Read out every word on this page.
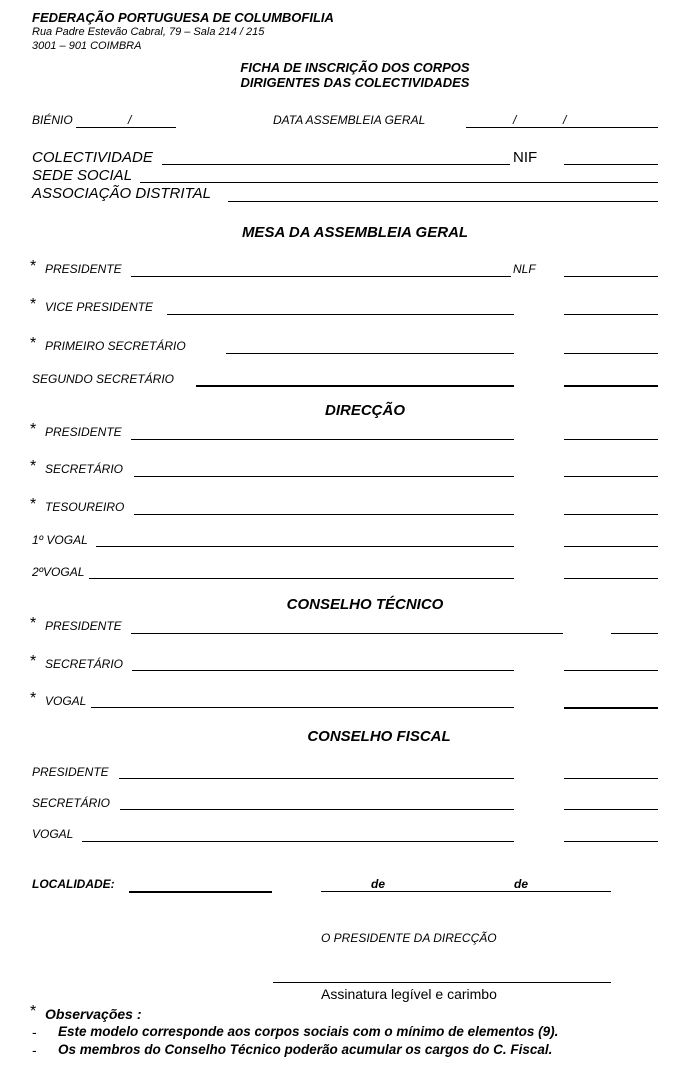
FEDERAÇÃO PORTUGUESA DE COLUMBOFILIA
Rua Padre Estevão Cabral, 79 – Sala 214 / 215
3001 – 901 COIMBRA
FICHA DE INSCRIÇÃO DOS CORPOS
DIRIGENTES DAS COLECTIVIDADES
BIÉNIO	/	DATA ASSEMBLEIA GERAL	/	/
COLECTIVIDADE	NIF
SEDE SOCIAL
ASSOCIAÇÃO DISTRITAL
MESA DA ASSEMBLEIA GERAL
* PRESIDENTE	NLF
* VICE PRESIDENTE
* PRIMEIRO SECRETÁRIO
SEGUNDO SECRETÁRIO
DIRECÇÃO
* PRESIDENTE
* SECRETÁRIO
* TESOUREIRO
1º VOGAL
2ºVOGAL
CONSELHO TÉCNICO
* PRESIDENTE
* SECRETÁRIO
* VOGAL
CONSELHO FISCAL
PRESIDENTE
SECRETÁRIO
VOGAL
LOCALIDADE:	de	de
O PRESIDENTE DA DIRECÇÃO
Assinatura legível e carimbo
* Observações :
- Este modelo corresponde aos corpos sociais com o mínimo de elementos (9).
- Os membros do Conselho Técnico poderão acumular os cargos do C. Fiscal.
